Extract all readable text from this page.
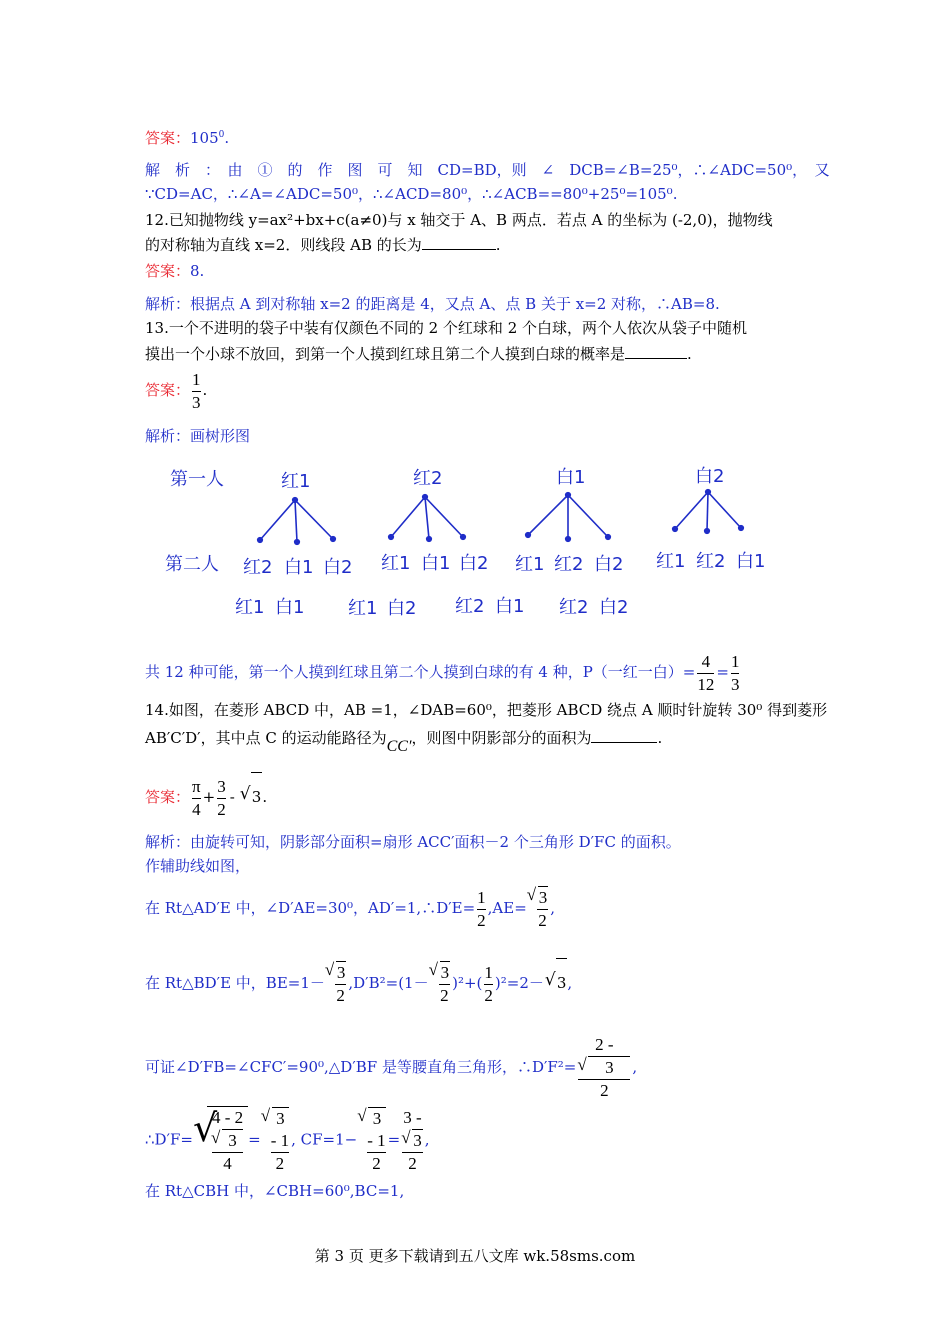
答案：$105^0$.
解　析　：　由　①　的　作　图　可　知　CD=BD，则　∠　DCB=∠B=25⁰，∴∠ADC=50⁰，　又
∵CD=AC，∴∠A=∠ADC=50⁰，∴∠ACD=80⁰，∴∠ACB==80⁰+25⁰=105⁰.
12.已知抛物线 y=ax²+bx+c(a≠0)与 x 轴交于 A、B 两点．若点 A 的坐标为 (-2,0)，抛物线
的对称轴为直线 x=2．则线段 AB 的长为	.
答案：8.
解析：根据点 A 到对称轴 x=2 的距离是 4，又点 A、点 B 关于 x=2 对称，∴AB=8.
13.一个不进明的袋子中装有仅颜色不同的 2 个红球和 2 个白球，两个人依次从袋子中随机
摸出一个小球不放回，到第一个人摸到红球且第二个人摸到白球的概率是	.
答案： $\frac{1}{3}$ .
解析：画树形图
第一人
第二人
红1	红2	白1	白2
红2 白1 白2 红1 白1 白2 红1 红2 白2 红1 红2 白1
红1 白1 红1 白2 红2 白1 红2 白2
共 12 种可能，第一个人摸到红球且第二个人摸到白球的有 4 种，P（一红一白）= $\frac{4}{12} = \frac{1}{3}$
14.如图，在菱形 ABCD 中，AB =1，∠DAB=60⁰，把菱形 ABCD 绕点 A 顺时针旋转 30⁰ 得到菱形
AB′C′D′，其中点 C 的运动能路径为CC′，则图中阴影部分的面积为	.
答案： $\frac{\pi}{4} + \frac{3}{2}$ -√ 3.
解析：由旋转可知，阴影部分面积=扇形 ACC′面积－2 个三角形 D′FC 的面积。
作辅助线如图，
在 Rt△AD′E 中，∠D′AE=30⁰，AD′=1,∴D′E= $\frac{1}{2} ,AE=$
√ $\frac{3}{2}$ ,
在 Rt△BD′E 中，BE=1－
√ $\frac{3}{2} ,D'B^2=(1-$
√ $\frac{3}{2} )^2+( \frac{1}{2} )^2=2-√$ 3,
可证∠D′FB=∠CFC′=90⁰,△D′BF 是等腰直角三角形，∴D′F²= 2 -
√ 3
2 ,
∴D′F= √
4 - 2
√ 3
4 =
√ 3
- 1
2 , CF=1−
√ 3
- 1
2 = 3 -
√ 3
2 ,
在 Rt△CBH 中，∠CBH=60⁰,BC=1,
第 3 页 更多下载请到五八文库 wk.58sms.com
